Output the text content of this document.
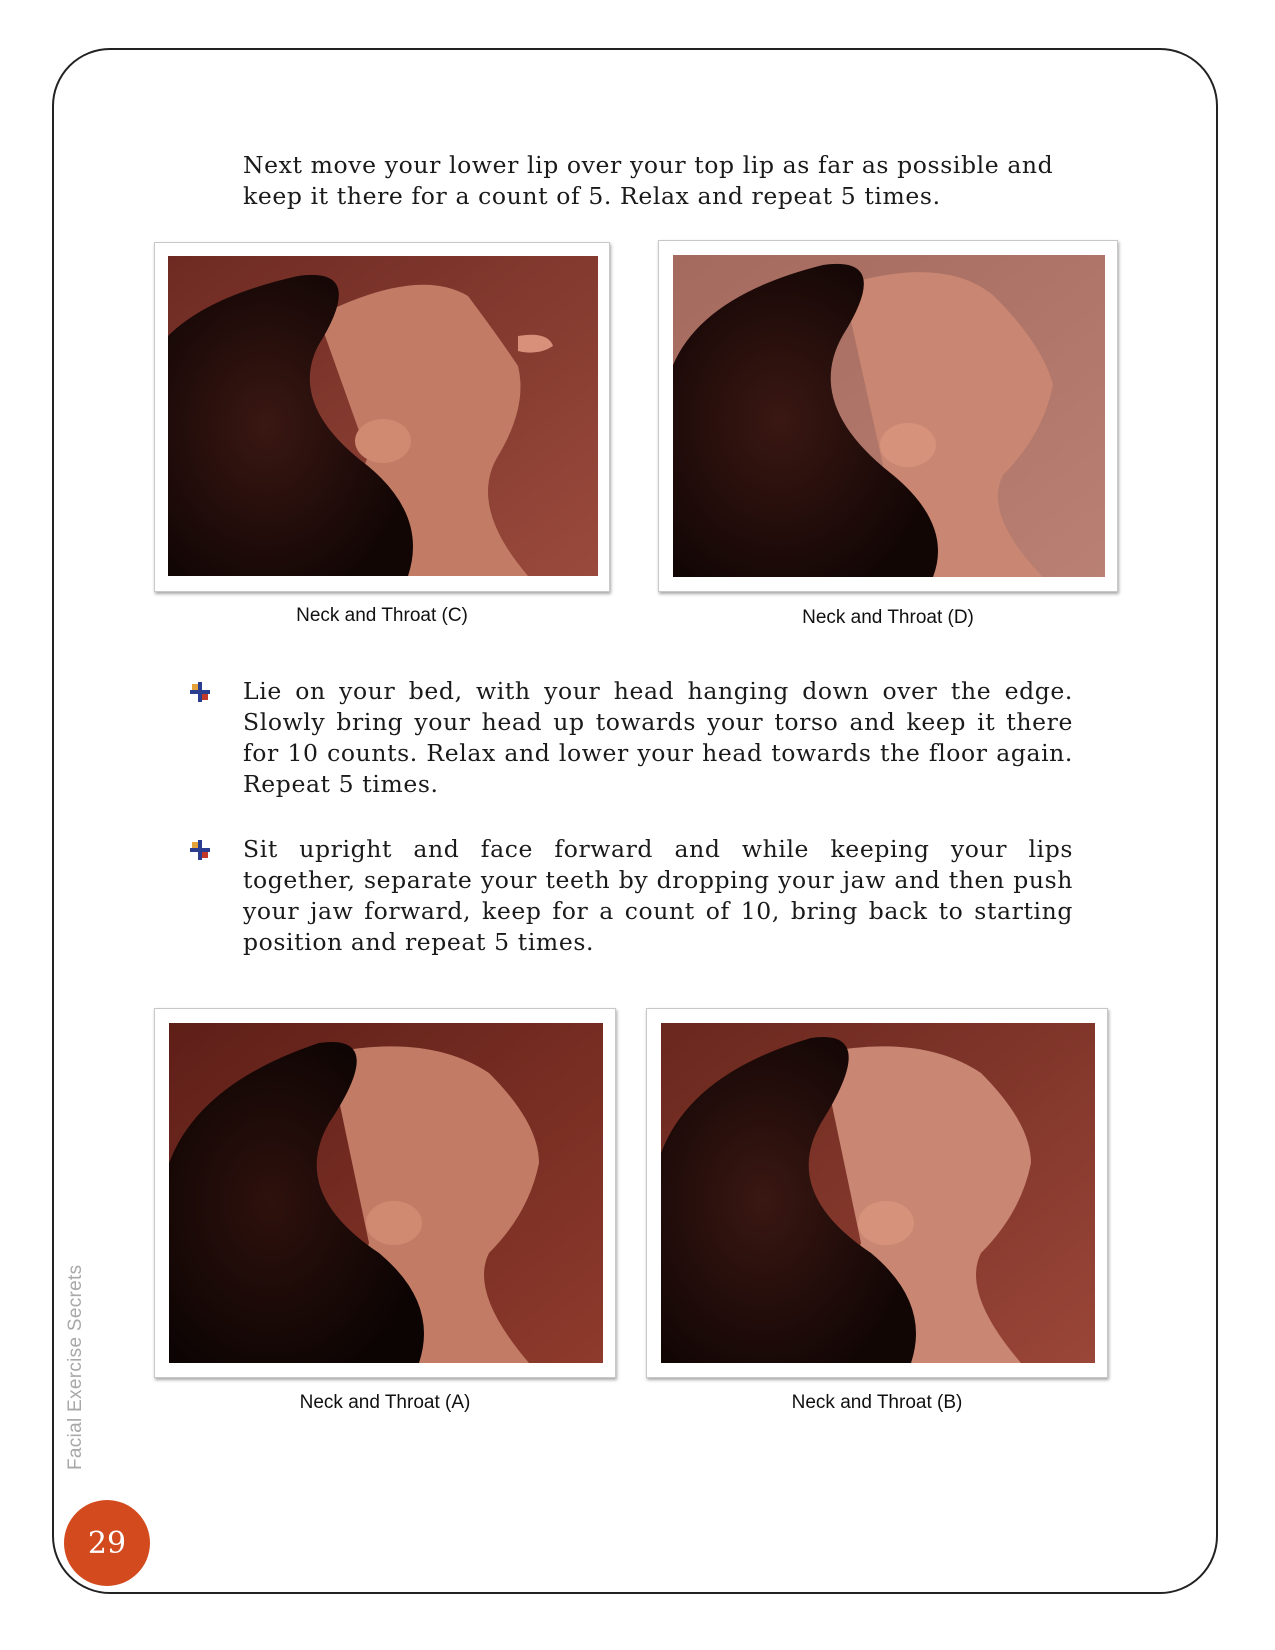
Next move your lower lip over your top lip as far as possible and keep it there for a count of 5. Relax and repeat 5 times.

Neck and Throat (C)	Neck and Throat (D)

Lie on your bed, with your head hanging down over the edge. Slowly bring your head up towards your torso and keep it there for 10 counts. Relax and lower your head towards the floor again. Repeat 5 times.

Sit upright and face forward and while keeping your lips together, separate your teeth by dropping your jaw and then push your jaw forward, keep for a count of 10, bring back to starting position and repeat 5 times.

Neck and Throat (A)	Neck and Throat (B)
Facial Exercise Secrets
29
